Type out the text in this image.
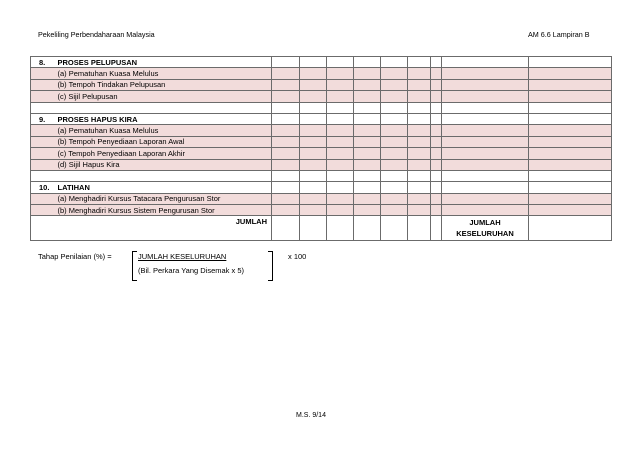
Pekeliling Perbendaharaan Malaysia	AM 6.6 Lampiran B
8.	PROSES PELUPUSAN									
	(a) Pematuhan Kuasa Melulus									
	(b) Tempoh Tindakan Pelupusan									
	(c) Sijil Pelupusan									

9.	PROSES HAPUS KIRA									
	(a) Pematuhan Kuasa Melulus									
	(b) Tempoh Penyediaan Laporan Awal									
	(c) Tempoh Penyediaan Laporan Akhir									
	(d) Sijil Hapus Kira									

10.	LATIHAN									
	(a) Menghadiri Kursus Tatacara Pengurusan Stor									
	(b) Menghadiri Kursus Sistem Pengurusan Stor									
JUMLAH									JUMLAH
KESELURUHAN	

Tahap Penilaian (%) =	JUMLAH KESELURUHAN
(Bil. Perkara Yang Disemak x 5)
x 100
M.S. 9/14
